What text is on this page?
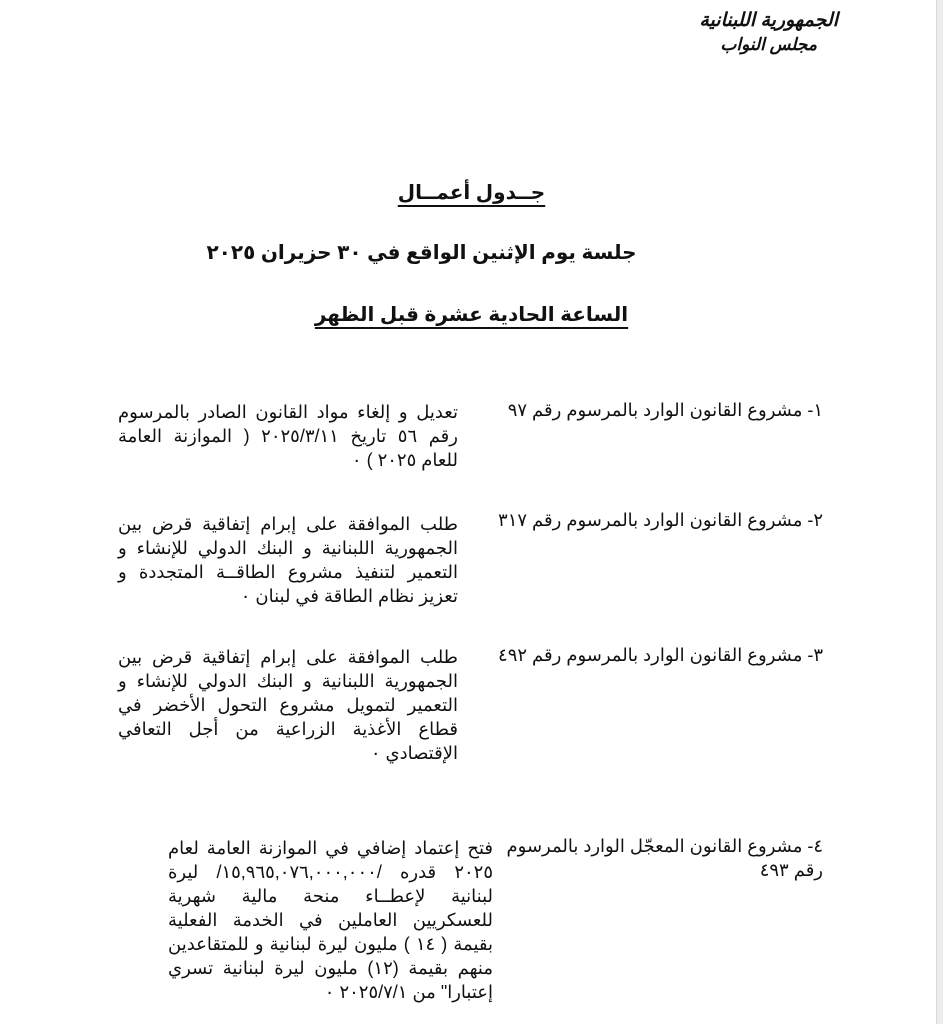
الجمهورية اللبنانية
مجلس النواب
جــدول أعمــال
جلسة يوم الإثنين الواقع في ٣٠ حزيران ٢٠٢٥
الساعة الحادية عشرة قبل الظهر
١- مشروع القانون الوارد بالمرسوم رقم ٩٧
تعديل و إلغاء مواد القانون الصادر بالمرسوم رقم ٥٦ تاريخ ٢٠٢٥/٣/١١ ( الموازنة العامة للعام ٢٠٢٥ ) ٠
٢- مشروع القانون الوارد بالمرسوم رقم ٣١٧
طلب الموافقة على إبرام إتفاقية قرض بين الجمهورية اللبنانية و البنك الدولي للإنشاء و التعمير لتنفيذ مشروع الطاقــة المتجددة و تعزيز نظام الطاقة في لبنان ٠
٣- مشروع القانون الوارد بالمرسوم رقم ٤٩٢
طلب الموافقة على إبرام إتفاقية قرض بين الجمهورية اللبنانية و البنك الدولي للإنشاء و التعمير لتمويل مشروع التحول الأخضر في قطاع الأغذية الزراعية من أجل التعافي الإقتصادي ٠
٤- مشروع القانون المعجّل الوارد بالمرسوم رقم ٤٩٣
فتح إعتماد إضافي في الموازنة العامة لعام ٢٠٢٥ قدره /١٥,٩٦٥,٠٧٦,٠٠٠,٠٠٠/ ليرة لبنانية لإعطــاء منحة مالية شهرية للعسكريين العاملين في الخدمة الفعلية بقيمة ( ١٤ ) مليون ليرة لبنانية و للمتقاعدين منهم بقيمة (١٢) مليون ليرة لبنانية تسري إعتبارا" من ٢٠٢٥/٧/١ ٠
